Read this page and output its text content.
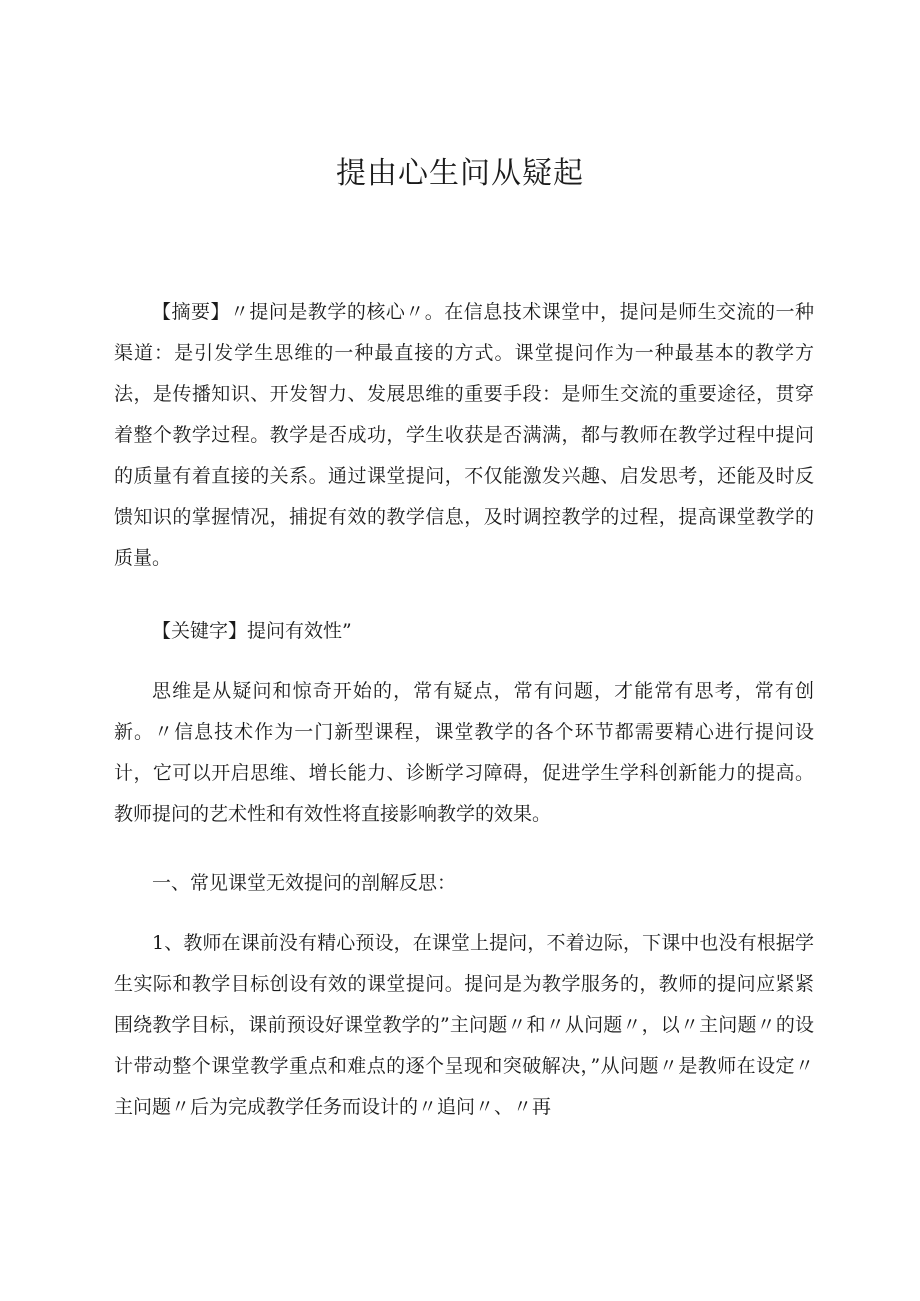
提由心生问从疑起

【摘要】〃提问是教学的核心〃。在信息技术课堂中，提问是师生交流的一种渠道：是引发学生思维的一种最直接的方式。课堂提问作为一种最基本的教学方法，是传播知识、开发智力、发展思维的重要手段：是师生交流的重要途径，贯穿着整个教学过程。教学是否成功，学生收获是否满满，都与教师在教学过程中提问的质量有着直接的关系。通过课堂提问，不仅能激发兴趣、启发思考，还能及时反馈知识的掌握情况，捕捉有效的教学信息，及时调控教学的过程，提高课堂教学的质量。

【关键字】提问有效性”

思维是从疑问和惊奇开始的，常有疑点，常有问题，才能常有思考，常有创新。〃信息技术作为一门新型课程，课堂教学的各个环节都需要精心进行提问设计，它可以开启思维、增长能力、诊断学习障碍，促进学生学科创新能力的提高。教师提问的艺术性和有效性将直接影响教学的效果。

一、常见课堂无效提问的剖解反思：

1、教师在课前没有精心预设，在课堂上提问，不着边际，下课中也没有根据学生实际和教学目标创设有效的课堂提问。提问是为教学服务的，教师的提问应紧紧围绕教学目标，课前预设好课堂教学的”主问题〃和〃从问题〃，以〃主问题〃的设计带动整个课堂教学重点和难点的逐个呈现和突破解决，”从问题〃是教师在设定〃主问题〃后为完成教学任务而设计的〃追问〃、〃再
